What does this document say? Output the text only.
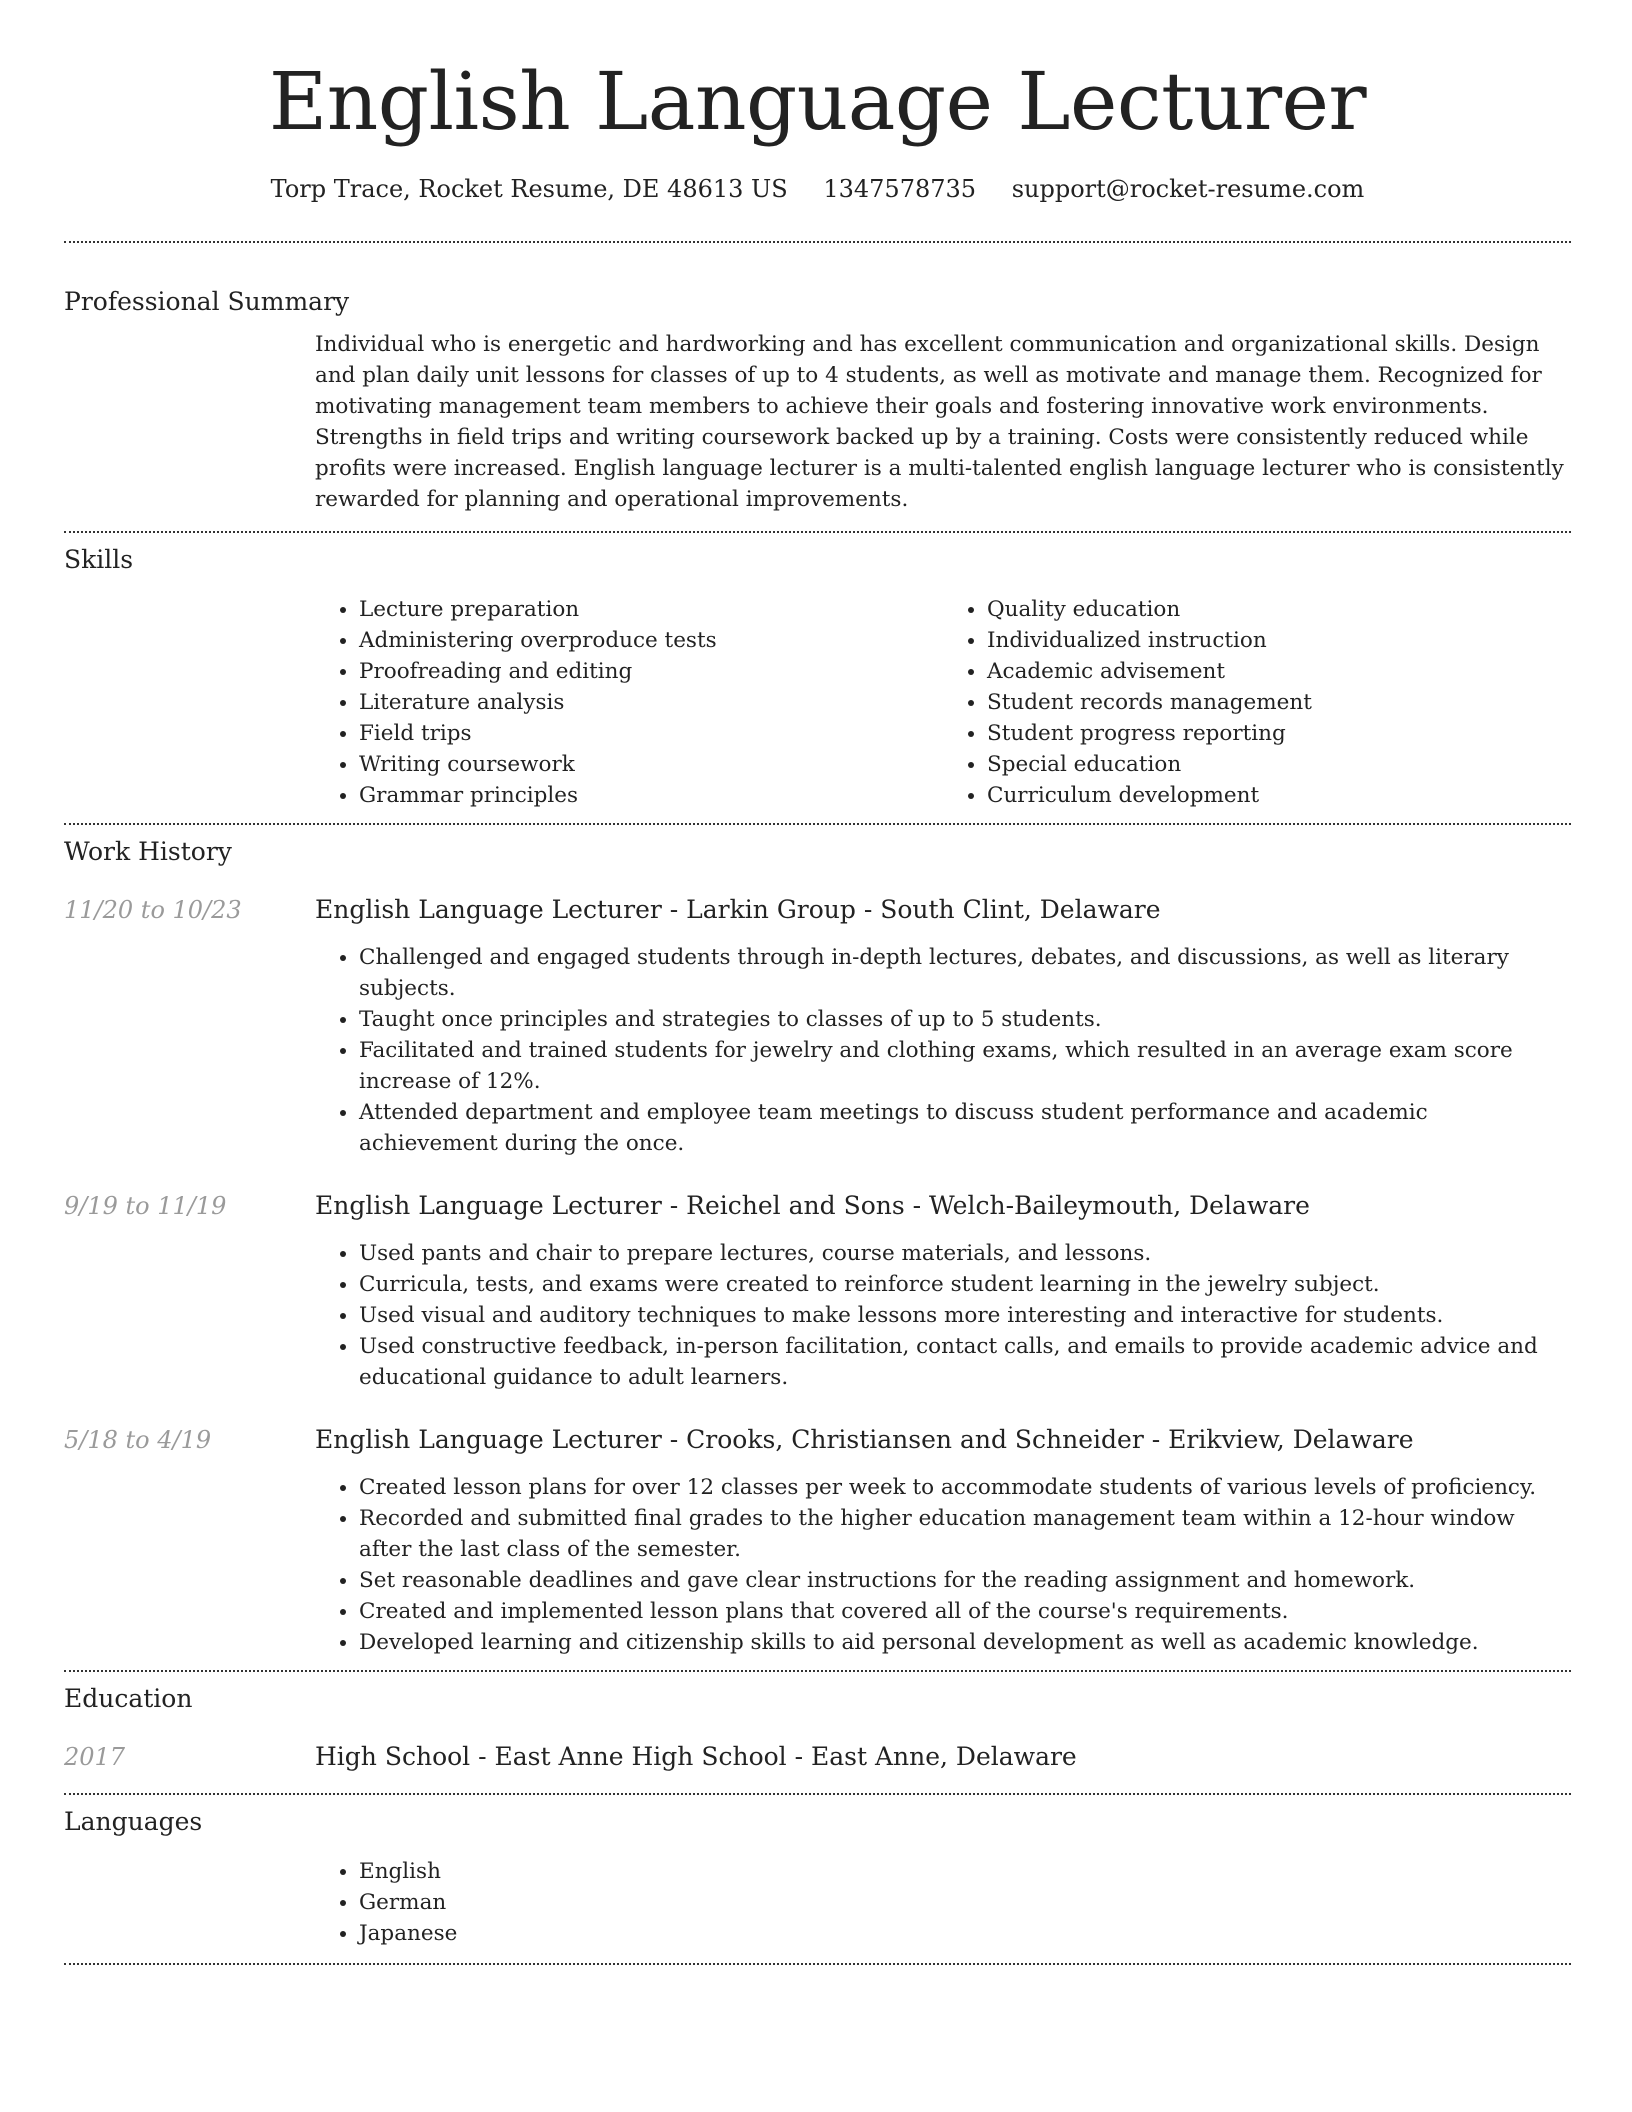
English Language Lecturer
Torp Trace, Rocket Resume, DE 48613 US 1347578735 support@rocket-resume.com
Professional Summary

Individual who is energetic and hardworking and has excellent communication and organizational skills. Design and plan daily unit lessons for classes of up to 4 students, as well as motivate and manage them. Recognized for motivating management team members to achieve their goals and fostering innovative work environments. Strengths in field trips and writing coursework backed up by a training. Costs were consistently reduced while profits were increased. English language lecturer is a multi-talented english language lecturer who is consistently rewarded for planning and operational improvements.

Skills
• Lecture preparation
• Administering overproduce tests
• Proofreading and editing
• Literature analysis
• Field trips
• Writing coursework
• Grammar principles
• Quality education
• Individualized instruction
• Academic advisement
• Student records management
• Student progress reporting
• Special education
• Curriculum development
Work History
11/20 to 10/23	English Language Lecturer - Larkin Group - South Clint, Delaware
• Challenged and engaged students through in-depth lectures, debates, and discussions, as well as literary subjects.
• Taught once principles and strategies to classes of up to 5 students.
• Facilitated and trained students for jewelry and clothing exams, which resulted in an average exam score increase of 12%.
• Attended department and employee team meetings to discuss student performance and academic achievement during the once.
9/19 to 11/19	English Language Lecturer - Reichel and Sons - Welch-Baileymouth, Delaware
• Used pants and chair to prepare lectures, course materials, and lessons.
• Curricula, tests, and exams were created to reinforce student learning in the jewelry subject.
• Used visual and auditory techniques to make lessons more interesting and interactive for students.
• Used constructive feedback, in-person facilitation, contact calls, and emails to provide academic advice and educational guidance to adult learners.
5/18 to 4/19	English Language Lecturer - Crooks, Christiansen and Schneider - Erikview, Delaware
• Created lesson plans for over 12 classes per week to accommodate students of various levels of proficiency.
• Recorded and submitted final grades to the higher education management team within a 12-hour window after the last class of the semester.
• Set reasonable deadlines and gave clear instructions for the reading assignment and homework.
• Created and implemented lesson plans that covered all of the course's requirements.
• Developed learning and citizenship skills to aid personal development as well as academic knowledge.
Education
2017	High School - East Anne High School - East Anne, Delaware
Languages
• English
• German
• Japanese
